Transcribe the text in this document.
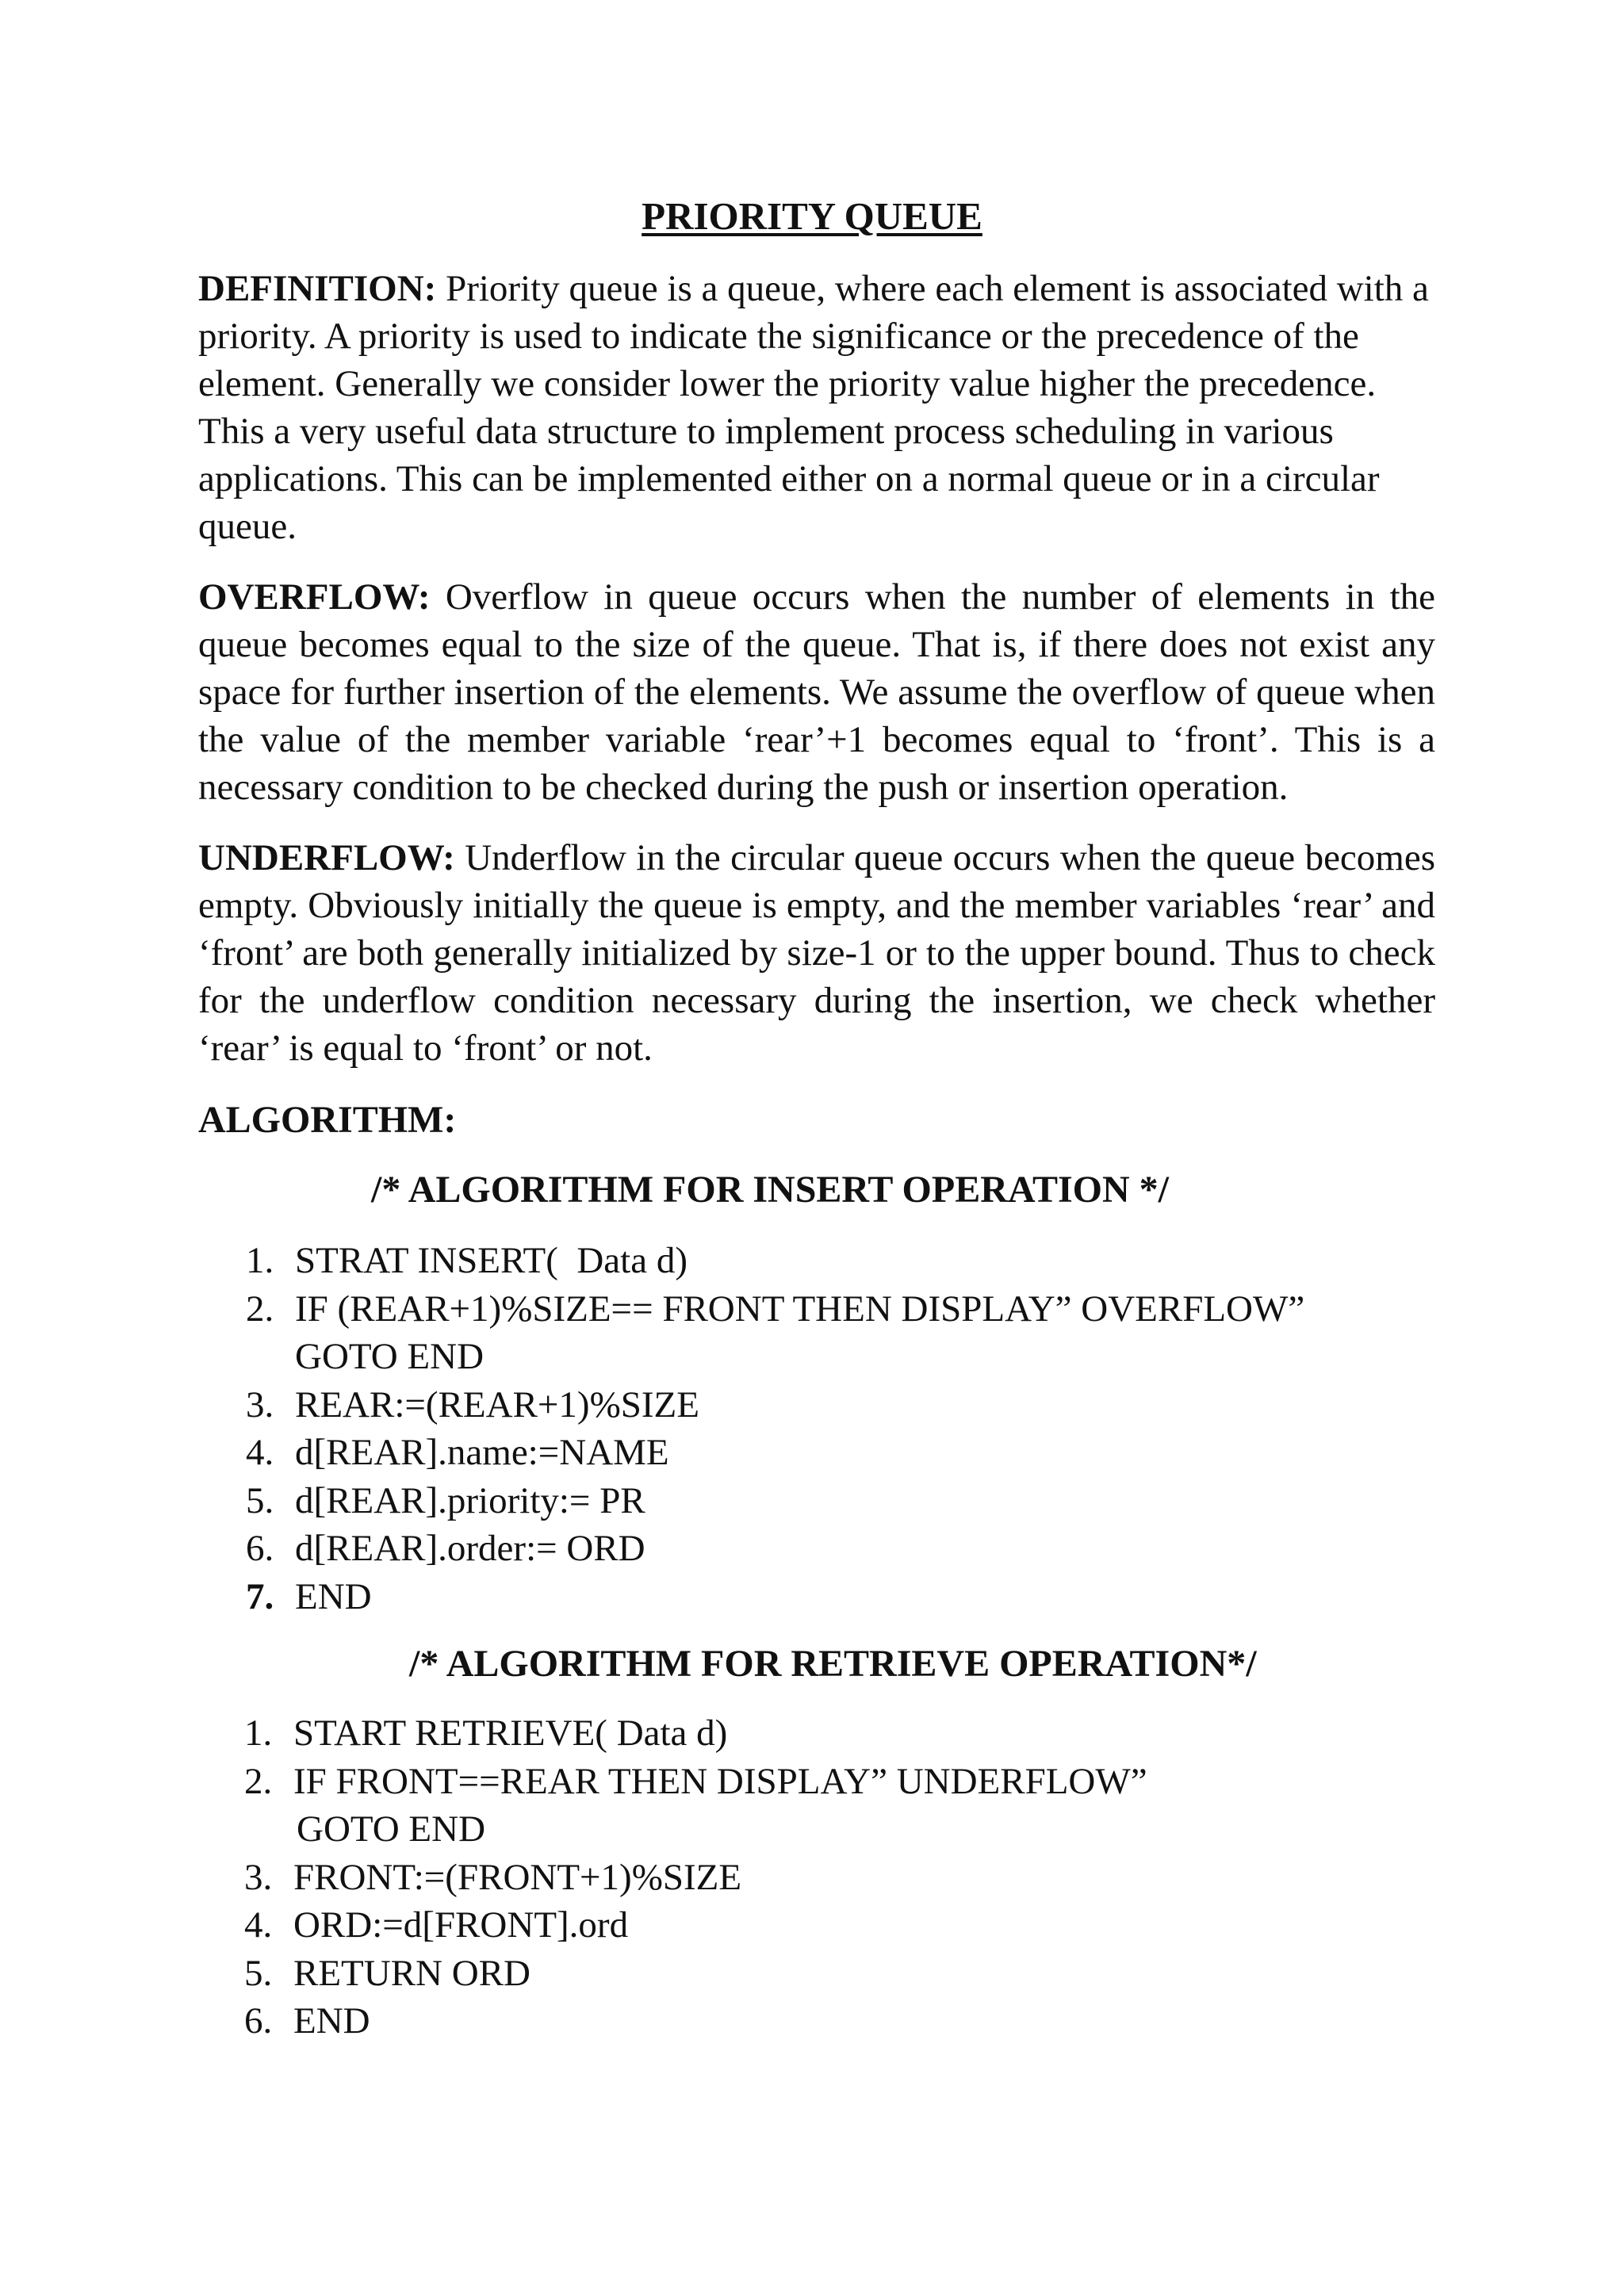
PRIORITY QUEUE
DEFINITION: Priority queue is a queue, where each element is associated with a priority. A priority is used to indicate the significance or the precedence of the element. Generally we consider lower the priority value higher the precedence. This a very useful data structure to implement process scheduling in various applications. This can be implemented either on a normal queue or in a circular queue.
OVERFLOW: Overflow in queue occurs when the number of elements in the queue becomes equal to the size of the queue. That is, if there does not exist any space for further insertion of the elements. We assume the overflow of queue when the value of the member variable ‘rear’+1 becomes equal to ‘front’. This is a necessary condition to be checked during the push or insertion operation.
UNDERFLOW: Underflow in the circular queue occurs when the queue becomes empty. Obviously initially the queue is empty, and the member variables ‘rear’ and ‘front’ are both generally initialized by size-1 or to the upper bound. Thus to check for the underflow condition necessary during the insertion, we check whether ‘rear’ is equal to ‘front’ or not.
ALGORITHM:
/* ALGORITHM FOR INSERT OPERATION */
1. STRAT INSERT(  Data d)
2. IF (REAR+1)%SIZE== FRONT THEN DISPLAY” OVERFLOW”
GOTO END
3. REAR:=(REAR+1)%SIZE
4. d[REAR].name:=NAME
5. d[REAR].priority:= PR
6. d[REAR].order:= ORD
7. END
/* ALGORITHM FOR RETRIEVE OPERATION*/
1. START RETRIEVE( Data d)
2. IF FRONT==REAR THEN DISPLAY” UNDERFLOW”
GOTO END
3. FRONT:=(FRONT+1)%SIZE
4. ORD:=d[FRONT].ord
5. RETURN ORD
6. END
